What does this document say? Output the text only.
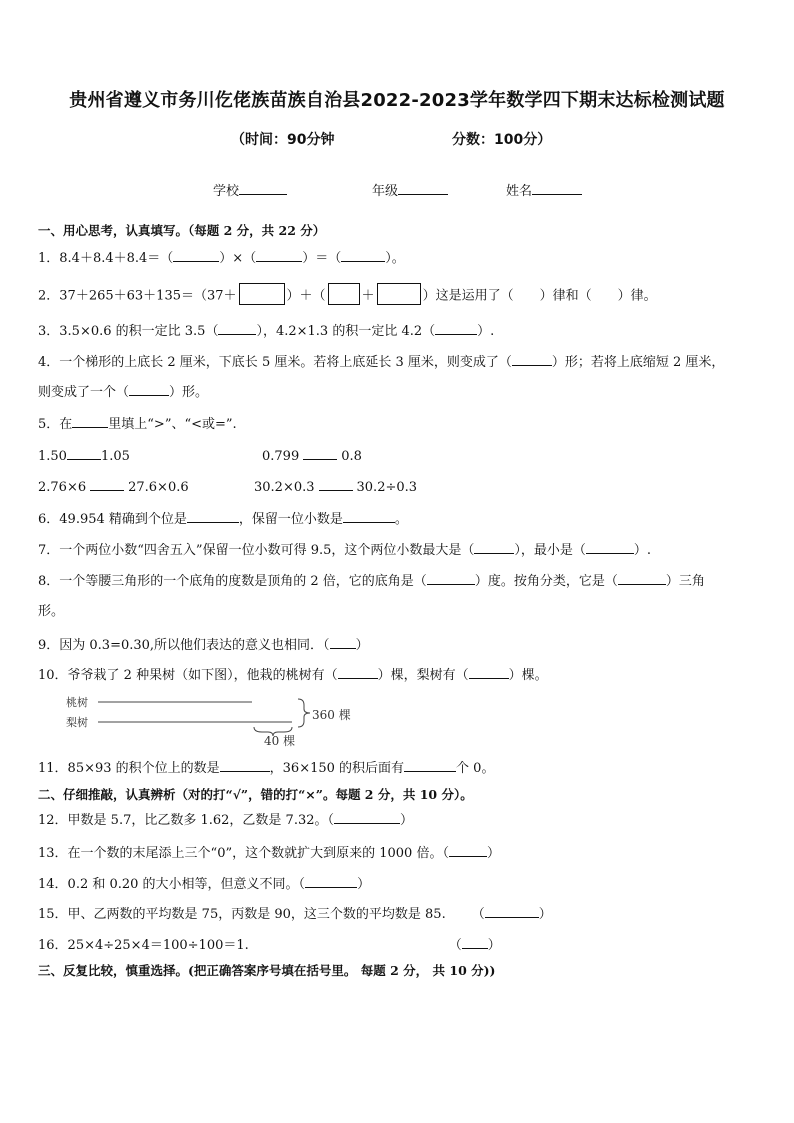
贵州省遵义市务川仡佬族苗族自治县2022-2023学年数学四下期末达标检测试题
（时间：90分钟	分数：100分）
学校	年级	姓名
一、用心思考，认真填写。（每题 2 分，共 22 分）
1．8.4＋8.4＋8.4＝（	）×（	）＝（	）。
2．37＋265＋63＋135＝（37＋	）＋（	＋	）这是运用了（　　）律和（　　）律。
3．3.5×0.6 的积一定比 3.5（	），4.2×1.3 的积一定比 4.2（	）.
4．一个梯形的上底长 2 厘米，下底长 5 厘米。若将上底延长 3 厘米，则变成了（	）形；若将上底缩短 2 厘米，
则变成了一个（	）形。
5．在	里填上“>”、“<或=”.
1.50	1.05	0.799	0.8
2.76×6	27.6×0.6	30.2×0.3	30.2÷0.3
6．49.954 精确到个位是	，保留一位小数是	。
7．一个两位小数“四舍五入”保留一位小数可得 9.5，这个两位小数最大是（	），最小是（	）.
8．一个等腰三角形的一个底角的度数是顶角的 2 倍，它的底角是（	）度。按角分类，它是（	）三角
形。
9．因为 0.3=0.30,所以他们表达的意义也相同．（ ）
10．爷爷栽了 2 种果树（如下图），他栽的桃树有（	）棵，梨树有（	）棵。
桃树
梨树
360 棵
40 棵
11．85×93 的积个位上的数是	，36×150 的积后面有	个 0。
二、仔细推敲，认真辨析（对的打“√”，错的打“×”。每题 2 分，共 10 分）。
12．甲数是 5.7，比乙数多 1.62，乙数是 7.32。（	）
13．在一个数的末尾添上三个“0”，这个数就扩大到原来的 1000 倍。（	）
14．0.2 和 0.20 的大小相等，但意义不同。（	）
15．甲、乙两数的平均数是 75，丙数是 90，这三个数的平均数是 85. （	）
16．25×4÷25×4＝100÷100＝1.	（ ）
三、反复比较，慎重选择。(把正确答案序号填在括号里。 每题 2 分， 共 10 分))
